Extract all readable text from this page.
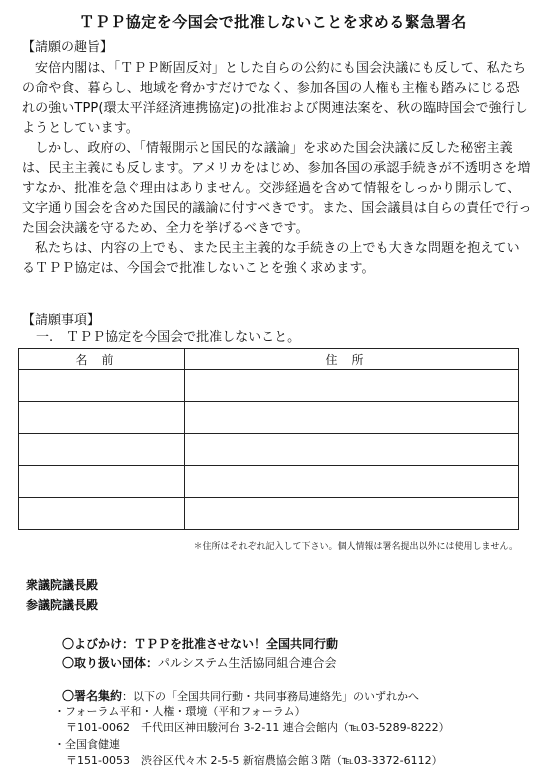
ＴＰＰ協定を今国会で批准しないことを求める緊急署名
【請願の趣旨】

安倍内閣は、「ＴＰＰ断固反対」とした自らの公約にも国会決議にも反して、私たちの命や食、暮らし、地域を脅かすだけでなく、参加各国の人権も主権も踏みにじる恐れの強いTPP(環太平洋経済連携協定)の批准および関連法案を、秋の臨時国会で強行しようとしています。

しかし、政府の、「情報開示と国民的な議論」を求めた国会決議に反した秘密主義は、民主主義にも反します。アメリカをはじめ、参加各国の承認手続きが不透明さを増すなか、批准を急ぐ理由はありません。交渉経過を含めて情報をしっかり開示して、文字通り国会を含めた国民的議論に付すべきです。また、国会議員は自らの責任で行った国会決議を守るため、全力を挙げるべきです。

私たちは、内容の上でも、また民主主義的な手続きの上でも大きな問題を抱えているＴＰＰ協定は、今国会で批准しないことを強く求めます。

【請願事項】
一.　ＴＰＰ協定を今国会で批准しないこと。
名前	住所

＊住所はそれぞれ記入して下さい。個人情報は署名提出以外には使用しません。
衆議院議長殿
参議院議長殿
〇よびかけ：ＴＰＰを批准させない！全国共同行動
〇取り扱い団体：パルシステム生活協同組合連合会
〇署名集約：以下の「全国共同行動・共同事務局連絡先」のいずれかへ
・フォーラム平和・人権・環境（平和フォーラム）
〒101-0062　千代田区神田駿河台 3-2-11 連合会館内（℡03-5289-8222）
・全国食健連
〒151-0053　渋谷区代々木 2-5-5 新宿農協会館３階（℡03-3372-6112）
